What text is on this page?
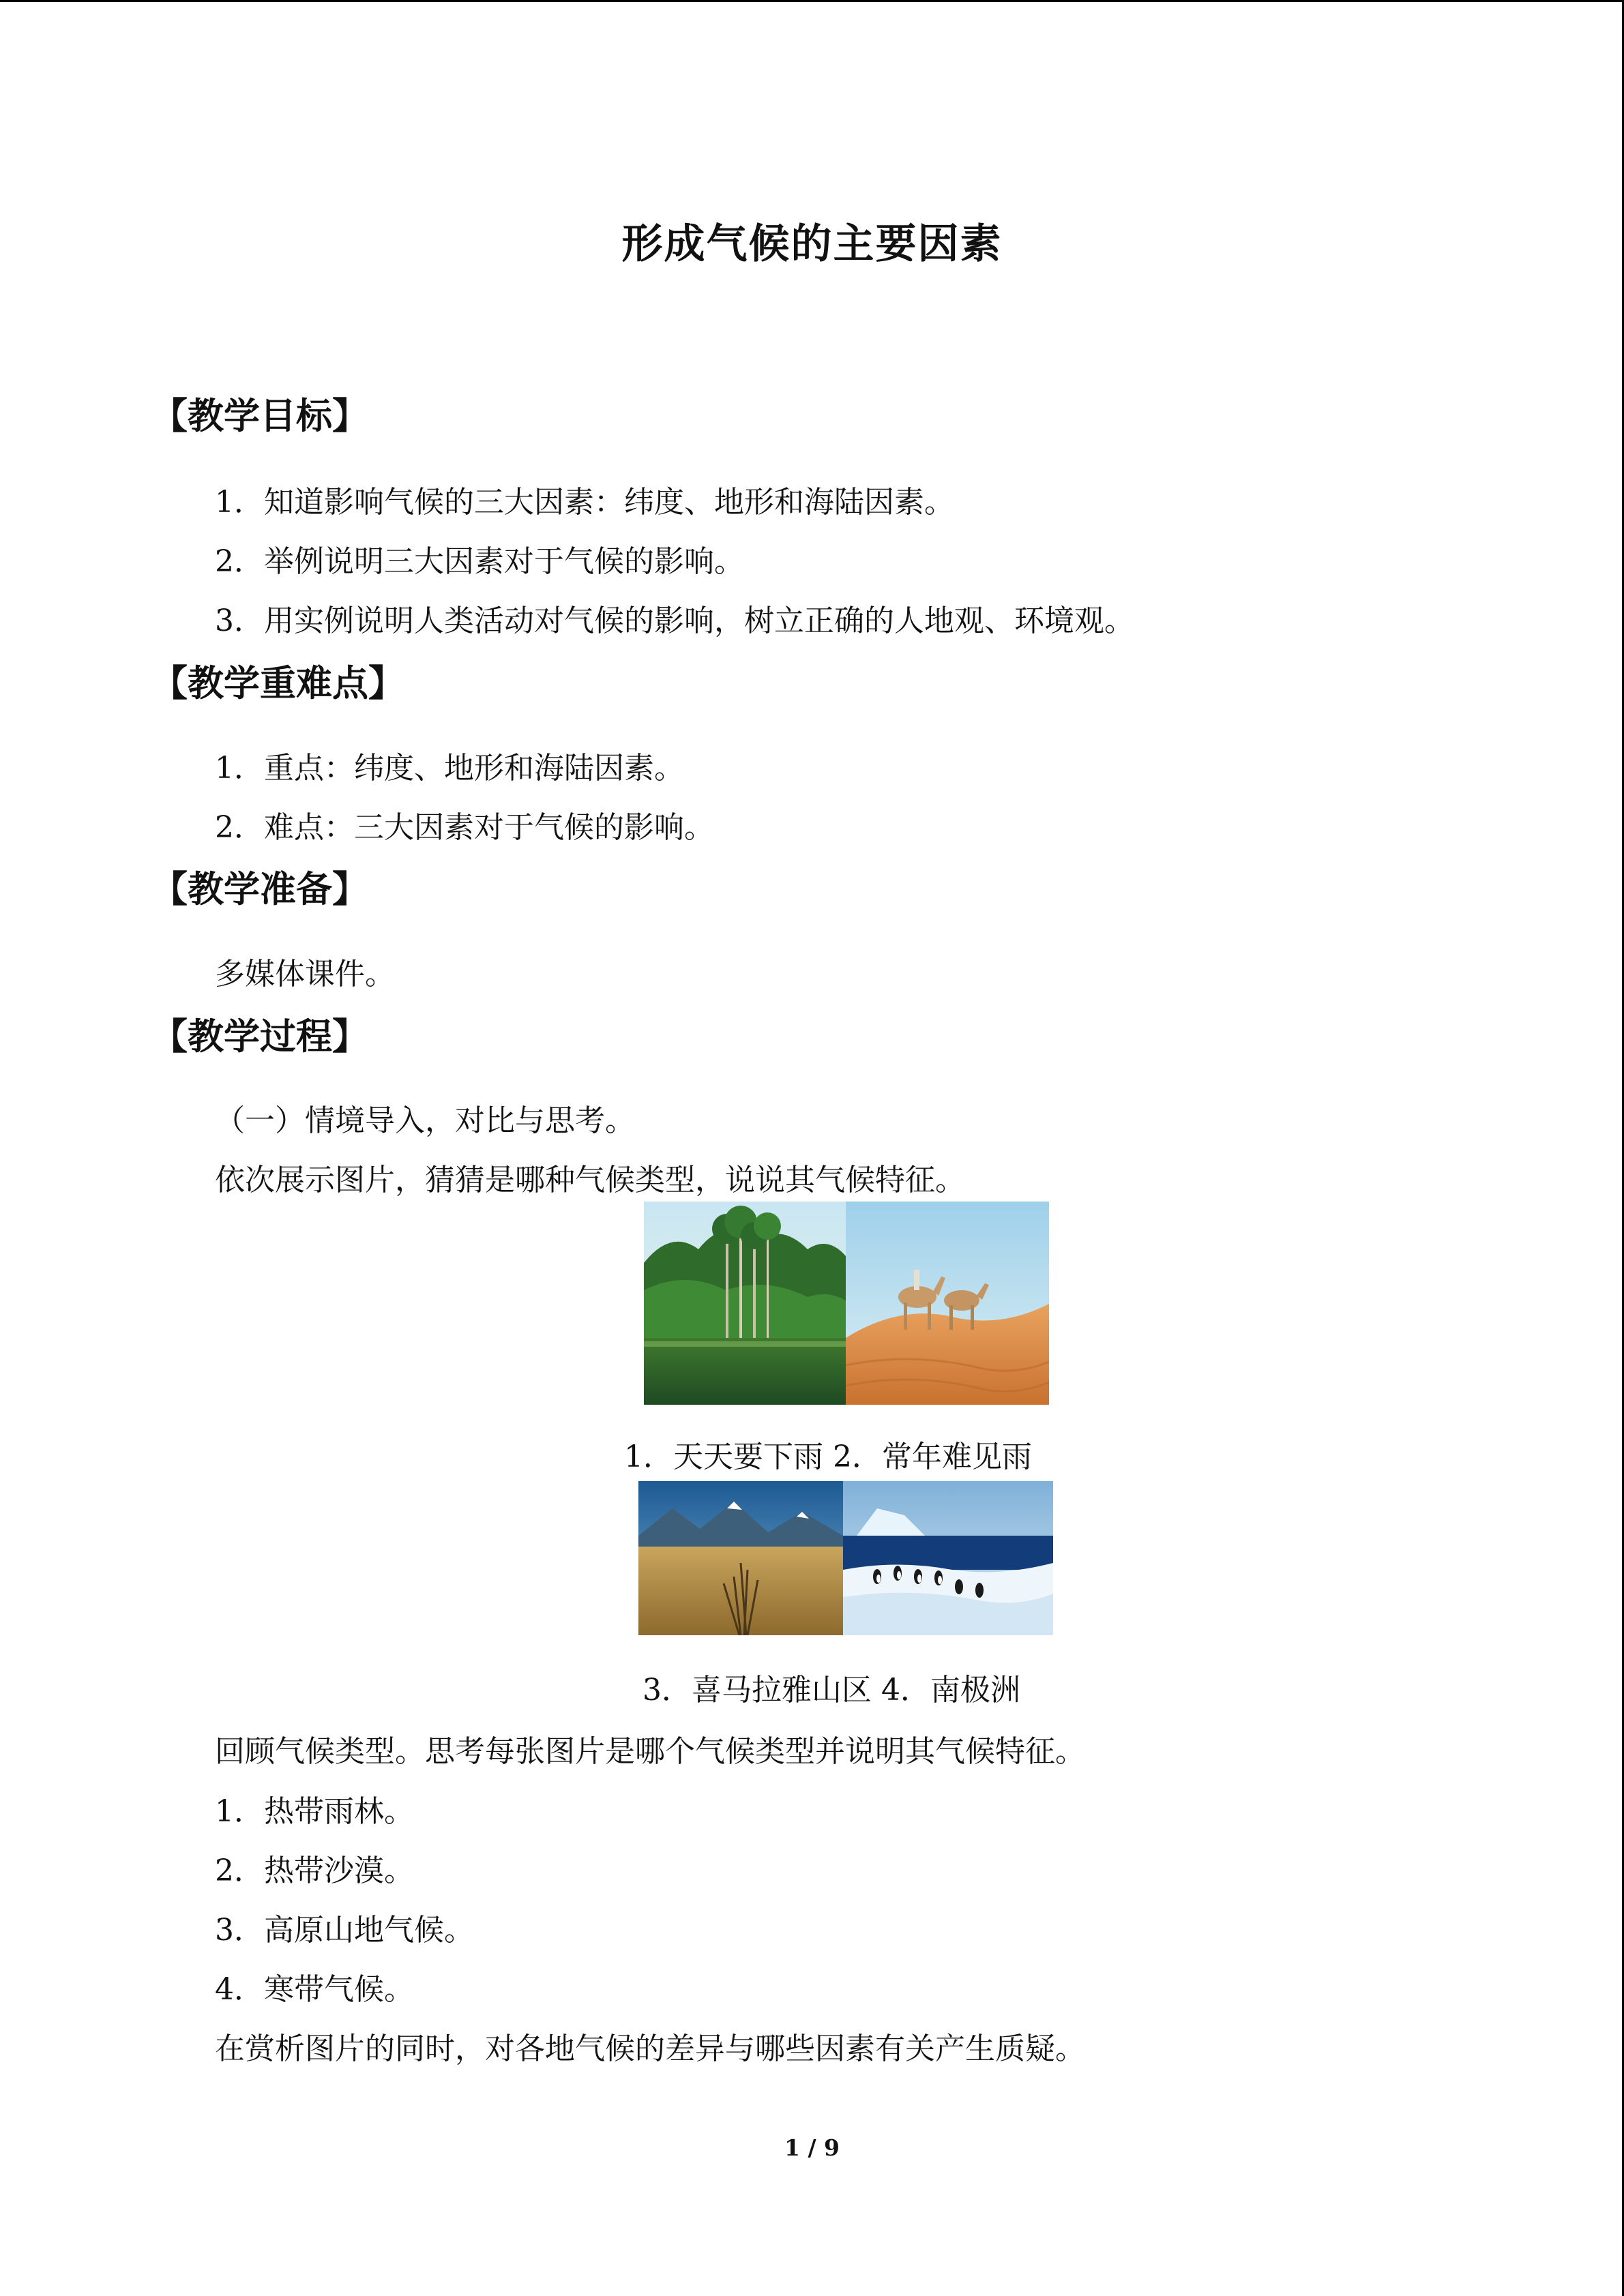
形成气候的主要因素
【教学目标】
1．知道影响气候的三大因素：纬度、地形和海陆因素。
2．举例说明三大因素对于气候的影响。
3．用实例说明人类活动对气候的影响，树立正确的人地观、环境观。
【教学重难点】
1．重点：纬度、地形和海陆因素。
2．难点：三大因素对于气候的影响。
【教学准备】
多媒体课件。
【教学过程】
（一）情境导入，对比与思考。
依次展示图片，猜猜是哪种气候类型，说说其气候特征。
1．天天要下雨 2．常年难见雨
3．喜马拉雅山区 4．南极洲
回顾气候类型。思考每张图片是哪个气候类型并说明其气候特征。
1．热带雨林。
2．热带沙漠。
3．高原山地气候。
4．寒带气候。
在赏析图片的同时，对各地气候的差异与哪些因素有关产生质疑。
1 / 9
